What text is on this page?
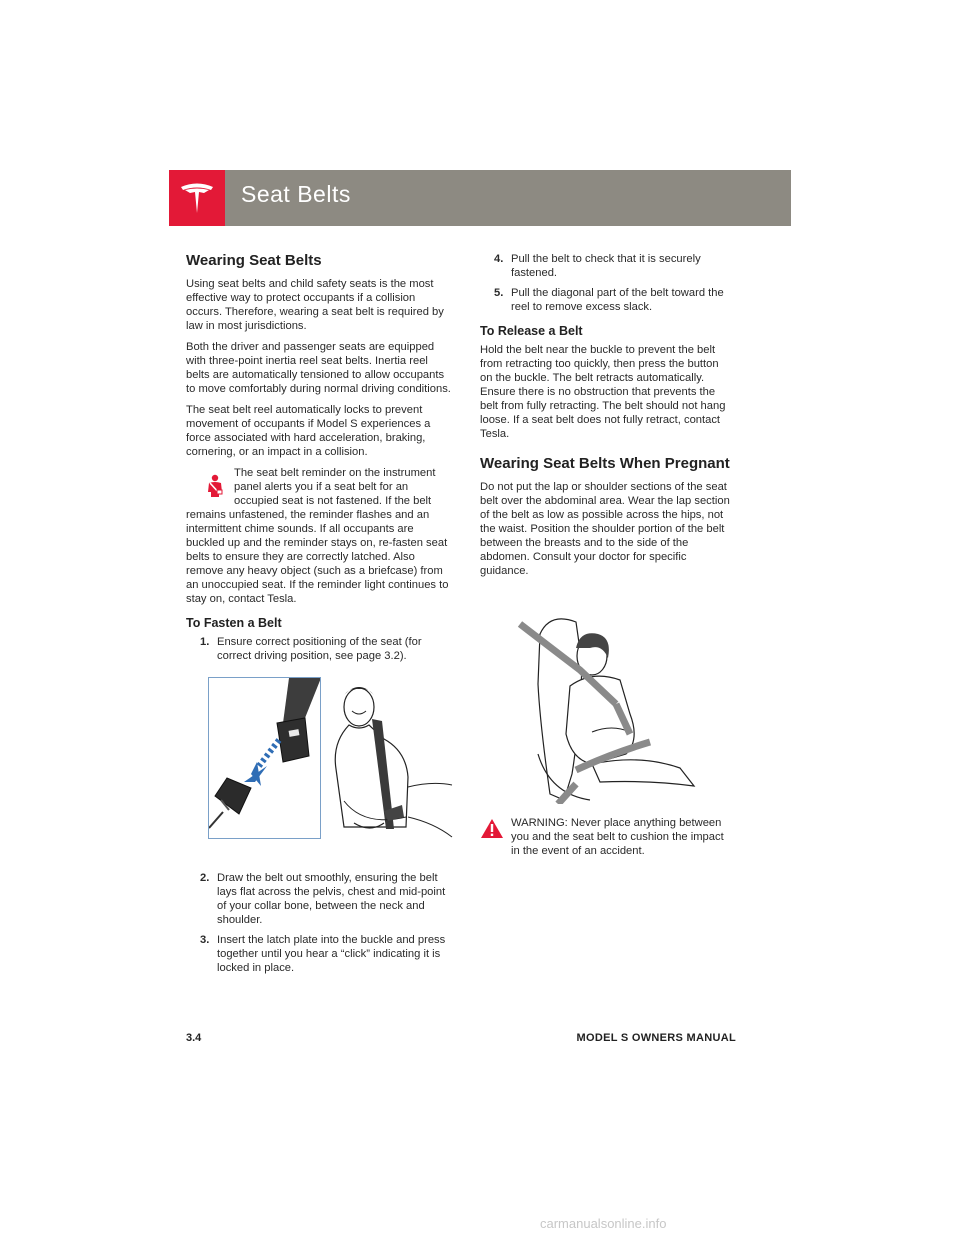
Seat Belts
Wearing Seat Belts

Using seat belts and child safety seats is the most effective way to protect occupants if a collision occurs. Therefore, wearing a seat belt is required by law in most jurisdictions.

Both the driver and passenger seats are equipped with three-point inertia reel seat belts. Inertia reel belts are automatically tensioned to allow occupants to move comfortably during normal driving conditions.

The seat belt reel automatically locks to prevent movement of occupants if Model S experiences a force associated with hard acceleration, braking, cornering, or an impact in a collision.

The seat belt reminder on the instrument panel alerts you if a seat belt for an occupied seat is not fastened. If the belt remains unfastened, the reminder flashes and an intermittent chime sounds. If all occupants are buckled up and the reminder stays on, re-fasten seat belts to ensure they are correctly latched. Also remove any heavy object (such as a briefcase) from an unoccupied seat. If the reminder light continues to stay on, contact Tesla.

To Fasten a Belt
1. Ensure correct positioning of the seat (for correct driving position, see page 3.2).
2. Draw the belt out smoothly, ensuring the belt lays flat across the pelvis, chest and mid-point of your collar bone, between the neck and shoulder.
3. Insert the latch plate into the buckle and press together until you hear a “click” indicating it is locked in place.
4. Pull the belt to check that it is securely fastened.
5. Pull the diagonal part of the belt toward the reel to remove excess slack.
To Release a Belt

Hold the belt near the buckle to prevent the belt from retracting too quickly, then press the button on the buckle. The belt retracts automatically. Ensure there is no obstruction that prevents the belt from fully retracting. The belt should not hang loose. If a seat belt does not fully retract, contact Tesla.

Wearing Seat Belts When Pregnant

Do not put the lap or shoulder sections of the seat belt over the abdominal area. Wear the lap section of the belt as low as possible across the hips, not the waist. Position the shoulder portion of the belt between the breasts and to the side of the abdomen. Consult your doctor for specific guidance.

WARNING: Never place anything between you and the seat belt to cushion the impact in the event of an accident.

3.4	MODEL S OWNERS MANUAL
carmanualsonline.info
